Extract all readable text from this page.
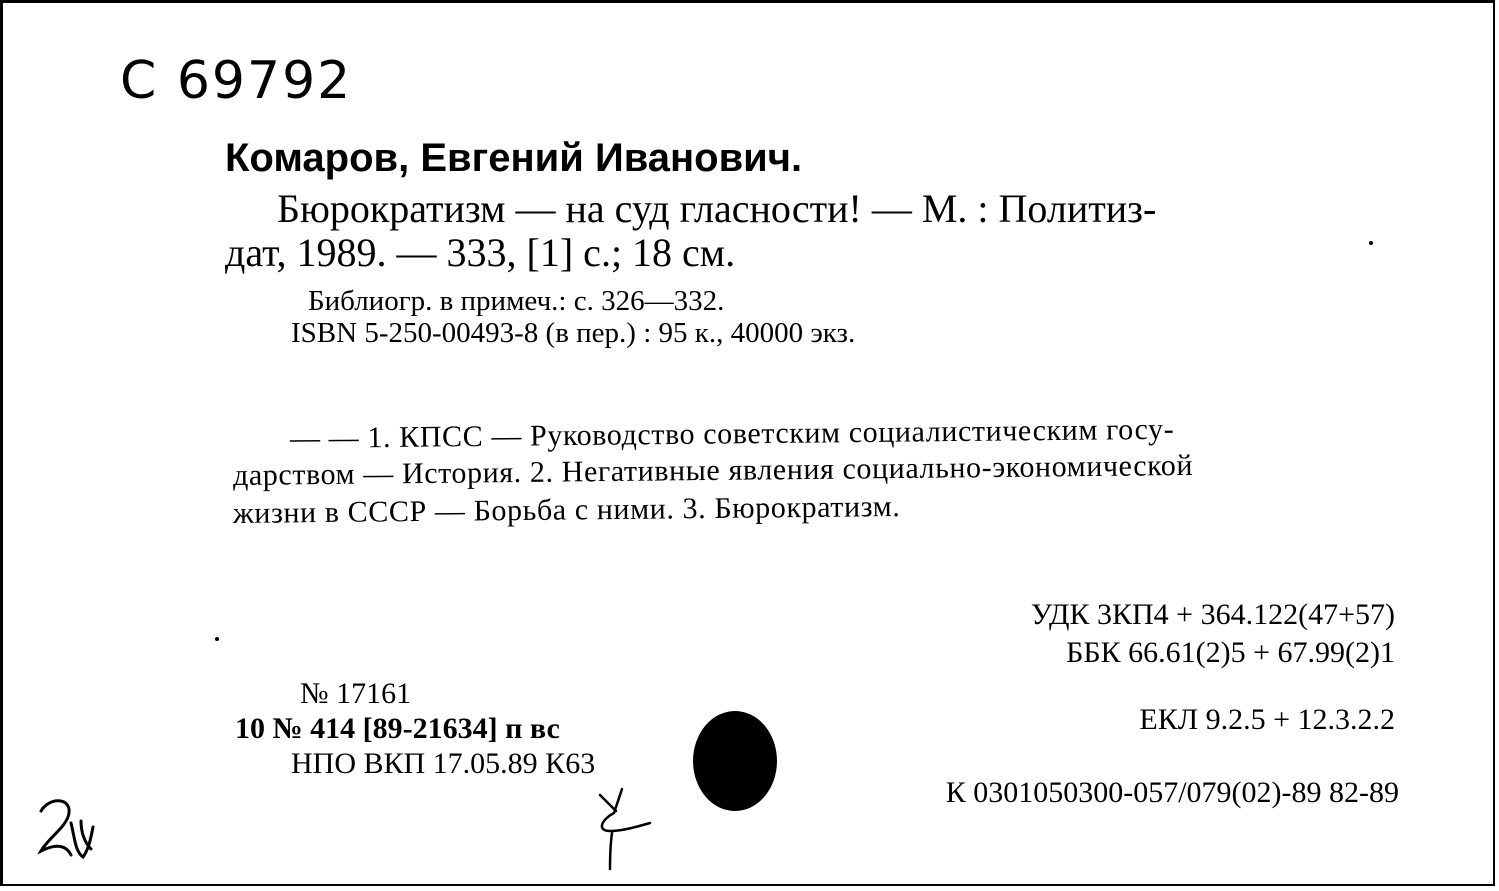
С 69792
Комаров, Евгений Иванович.
Бюрократизм — на суд гласности! — М. : Политиз-
дат, 1989. — 333, [1] с.; 18 см.
Библиогр. в примеч.: с. 326—332.
ISBN 5-250-00493-8 (в пер.) : 95 к., 40000 экз.
— — 1. КПСС — Руководство советским социалистическим госу-
дарством — История. 2. Негативные явления социально-экономической
жизни в СССР — Борьба с ними. 3. Бюрократизм.
УДК 3КП4 + 364.122(47+57)
ББК 66.61(2)5 + 67.99(2)1
№ 17161
10 № 414 [89-21634] п вс
НПО ВКП 17.05.89 К63
ЕКЛ 9.2.5 + 12.3.2.2
К 0301050300-057/079(02)-89 82-89
